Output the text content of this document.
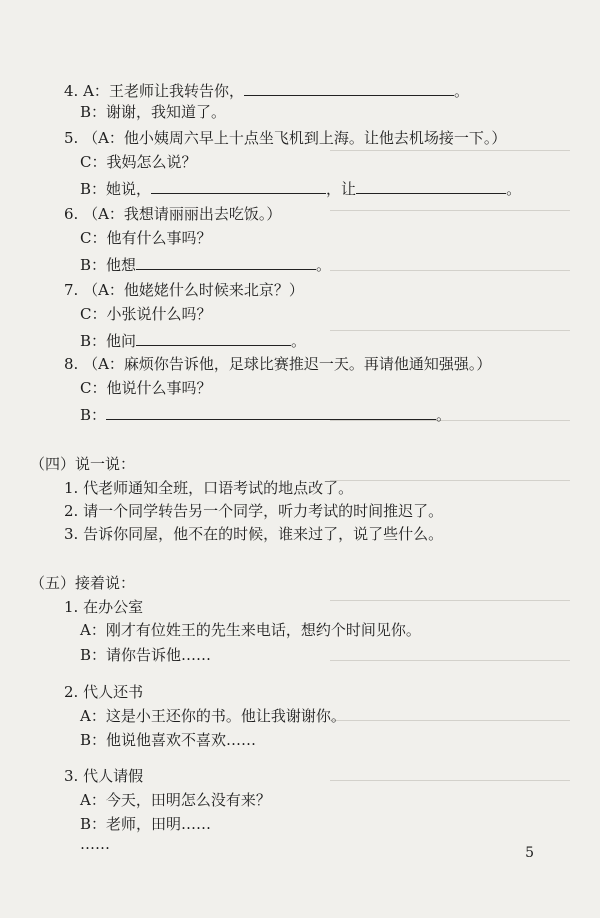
4. A：王老师让我转告你，	。
B：谢谢，我知道了。
5. （A：他小姨周六早上十点坐飞机到上海。让他去机场接一下。）
C：我妈怎么说？
B：她说，	，让	。
6. （A：我想请丽丽出去吃饭。）
C：他有什么事吗？
B：他想	。
7. （A：他姥姥什么时候来北京？）
C：小张说什么吗？
B：他问	。
8. （A：麻烦你告诉他，足球比赛推迟一天。再请他通知强强。）
C：他说什么事吗？
B：	。
（四）说一说：
1. 代老师通知全班，口语考试的地点改了。
2. 请一个同学转告另一个同学，听力考试的时间推迟了。
3. 告诉你同屋，他不在的时候，谁来过了，说了些什么。
（五）接着说：
1. 在办公室
A：刚才有位姓王的先生来电话，想约个时间见你。
B：请你告诉他……
2. 代人还书
A：这是小王还你的书。他让我谢谢你。
B：他说他喜欢不喜欢……
3. 代人请假
A：今天，田明怎么没有来？
B：老师，田明……
……	5
